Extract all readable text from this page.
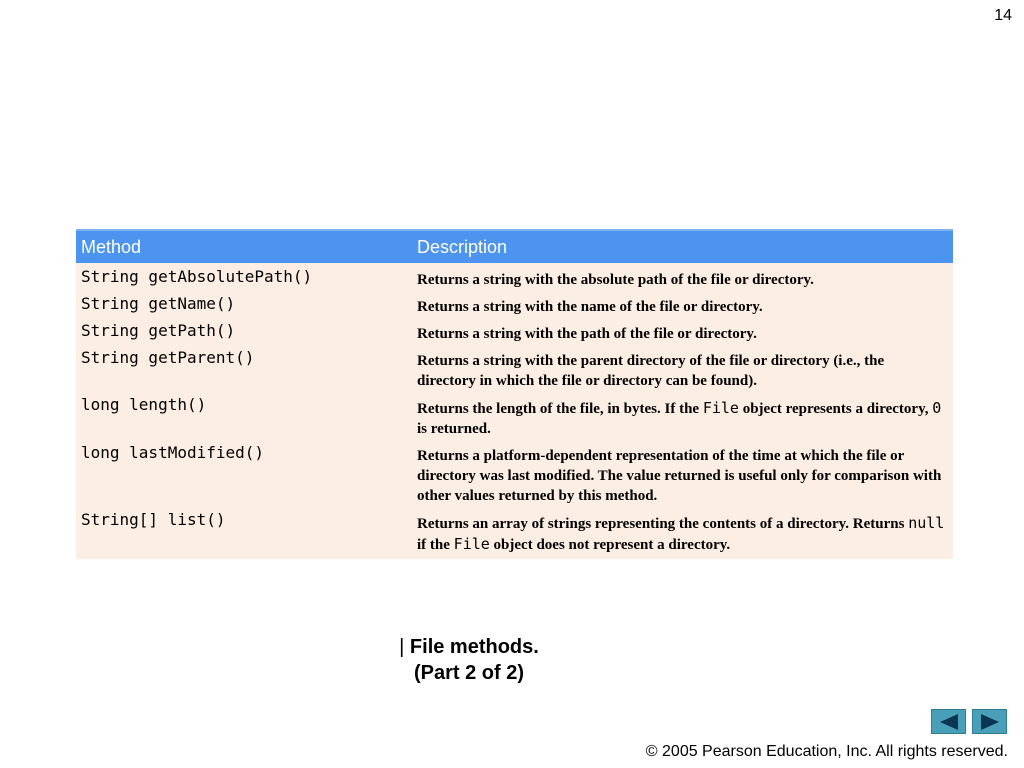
14
Method	Description
String getAbsolutePath()	Returns a string with the absolute path of the file or directory.
String getName()	Returns a string with the name of the file or directory.
String getPath()	Returns a string with the path of the file or directory.
String getParent()	Returns a string with the parent directory of the file or directory (i.e., the directory in which the file or directory can be found).
long length()	Returns the length of the file, in bytes. If the File object represents a directory, 0 is returned.
long lastModified()	Returns a platform-dependent representation of the time at which the file or directory was last modified. The value returned is useful only for comparison with other values returned by this method.
String[] list()	Returns an array of strings representing the contents of a directory. Returns null if the File object does not represent a directory.
| File methods.
(Part 2 of 2)
© 2005 Pearson Education, Inc. All rights reserved.
